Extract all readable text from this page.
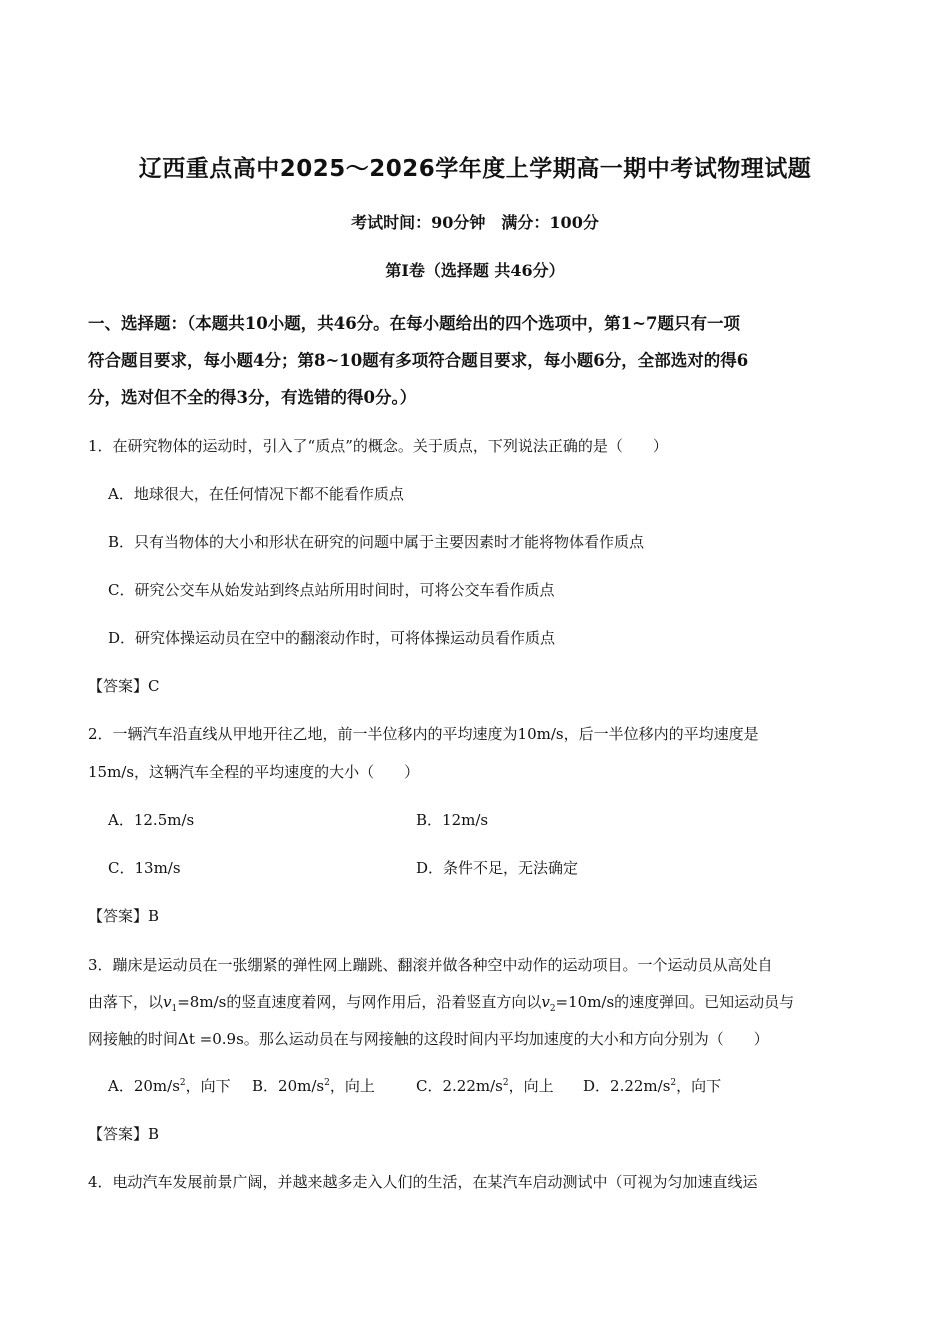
辽西重点高中2025～2026学年度上学期高一期中考试物理试题
考试时间：90分钟　满分：100分
第Ⅰ卷（选择题 共46分）
一、选择题：（本题共10小题，共46分。在每小题给出的四个选项中，第1~7题只有一项
符合题目要求，每小题4分；第8~10题有多项符合题目要求，每小题6分，全部选对的得6
分，选对但不全的得3分，有选错的得0分。）
1．在研究物体的运动时，引入了“质点”的概念。关于质点，下列说法正确的是（　　）
A．地球很大，在任何情况下都不能看作质点
B．只有当物体的大小和形状在研究的问题中属于主要因素时才能将物体看作质点
C．研究公交车从始发站到终点站所用时间时，可将公交车看作质点
D．研究体操运动员在空中的翻滚动作时，可将体操运动员看作质点
【答案】C
2．一辆汽车沿直线从甲地开往乙地，前一半位移内的平均速度为10m/s，后一半位移内的平均速度是
15m/s，这辆汽车全程的平均速度的大小（　　）
A．12.5m/s	B．12m/s
C．13m/s	D．条件不足，无法确定
【答案】B
3．蹦床是运动员在一张绷紧的弹性网上蹦跳、翻滚并做各种空中动作的运动项目。一个运动员从高处自
由落下，以$v_1=8m/s$的竖直速度着网，与网作用后，沿着竖直方向以$v_2=10m/s$的速度弹回。已知运动员与
网接触的时间Δt =0.9s。那么运动员在与网接触的这段时间内平均加速度的大小和方向分别为（　　）
A．$20m/s^2$，向下 B．$20m/s^2$，向上	C．$2.22m/s^2$，向上 D．$2.22m/s^2$，向下
【答案】B
4．电动汽车发展前景广阔，并越来越多走入人们的生活，在某汽车启动测试中（可视为匀加速直线运
